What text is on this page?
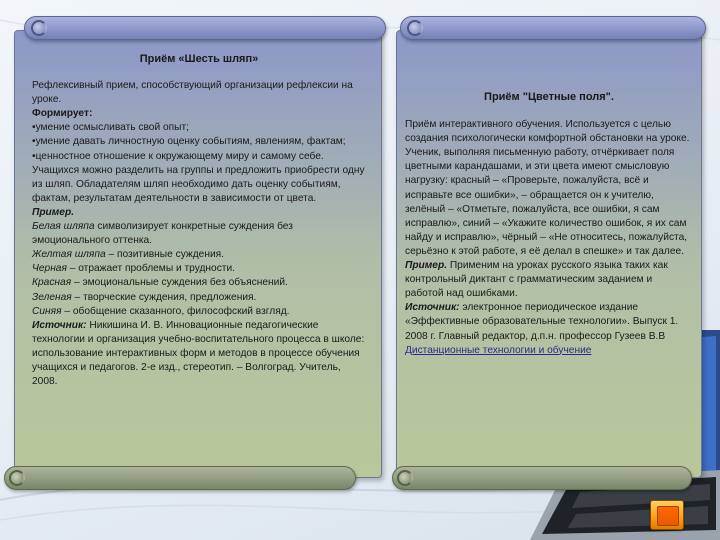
Приём «Шесть шляп»

Рефлексивный прием, способствующий организации рефлексии на уроке.

Формирует:

•умение осмысливать свой опыт;

•умение давать личностную оценку событиям, явлениям, фактам;

•ценностное отношение к окружающему миру и самому себе.

Учащихся можно разделить на группы и предложить приобрести одну из шляп. Обладателям шляп необходимо дать оценку событиям, фактам, результатам деятельности в зависимости от цвета.

Пример.

Белая шляпа символизирует конкретные суждения без эмоционального оттенка.

Желтая шляпа – позитивные суждения.

Черная – отражает проблемы и трудности.

Красная – эмоциональные суждения без объяснений.

Зеленая – творческие суждения, предложения.

Синяя – обобщение сказанного, философский взгляд.

Источник: Никишина И. В. Инновационные педагогические технологии и организация учебно-воспитательного процесса в школе: использование интерактивных форм и методов в процессе обучения учащихся и педагогов. 2-е изд., стереотип. – Волгоград. Учитель, 2008.

Приём "Цветные поля".

Приём интерактивного обучения. Используется с целью создания психологически комфортной обстановки на уроке. Ученик, выполняя письменную работу, отчёркивает поля цветными карандашами, и эти цвета имеют смысловую нагрузку: красный – «Проверьте, пожалуйста, всё и исправьте все ошибки», – обращается он к учителю, зелёный – «Отметьте, пожалуйста, все ошибки, я сам исправлю», синий – «Укажите количество ошибок, я их сам найду и исправлю», чёрный – «Не относитесь, пожалуйста, серьёзно к этой работе, я её делал в спешке» и так далее.

Пример. Применим на уроках русского языка таких как контрольный диктант с грамматическим заданием и работой над ошибками.

Источник: электронное периодическое издание «Эффективные образовательные технологии». Выпуск 1. 2008 г. Главный редактор, д.п.н. профессор Гузеев В.В Дистанционные технологии и обучение
